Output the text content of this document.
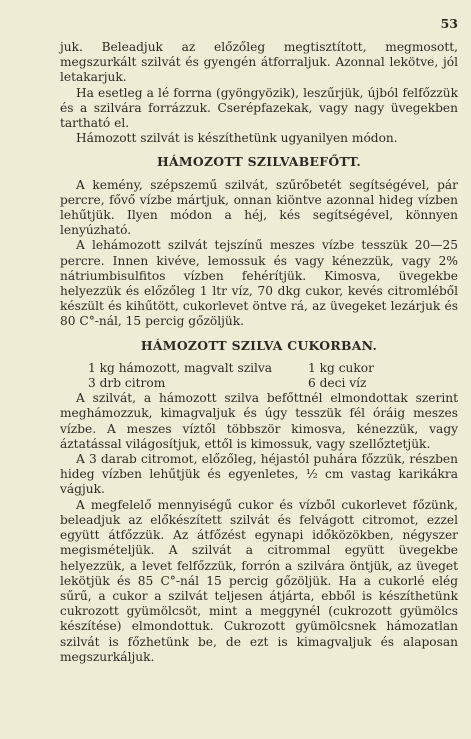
53

juk. Beleadjuk az előzőleg megtisztított, megmosott, megszurkált szilvát és gyengén átforraljuk. Azonnal lekötve, jól letakarjuk.

Ha esetleg a lé forrna (gyöngyözik), leszűrjük, újból felfőzzük és a szilvára forrázzuk. Cserépfazekak, vagy nagy üvegekben tartható el.

Hámozott szilvát is készíthetünk ugyanilyen módon.

HÁMOZOTT SZILVABEFŐTT.

A kemény, szépszemű szilvát, szűrőbetét segítségével, pár percre, fővő vízbe mártjuk, onnan kiöntve azonnal hideg vízben lehűtjük. Ilyen módon a héj, kés segítségével, könnyen lenyúzható.

A lehámozott szilvát tejszínű meszes vízbe tesszük 20—25 percre. Innen kivéve, lemossuk és vagy kénezzük, vagy 2% nátriumbisulfitos vízben fehérítjük. Kimosva, üvegekbe helyezzük és előzőleg 1 ltr víz, 70 dkg cukor, kevés citromléből készült és kihűtött, cukorlevet öntve rá, az üvegeket lezárjuk és 80 C°-nál, 15 percig gőzöljük.

HÁMOZOTT SZILVA CUKORBAN.
1 kg hámozott, magvalt szilva	1 kg cukor
3 drb citrom	6 deci víz

A szilvát, a hámozott szilva befőttnél elmondottak szerint meghámozzuk, kimagvaljuk és úgy tesszük fél óráig meszes vízbe. A meszes víztől többször kimosva, kénezzük, vagy áztatással világosítjuk, ettől is kimossuk, vagy szellőztetjük.

A 3 darab citromot, előzőleg, héjastól puhára főzzük, részben hideg vízben lehűtjük és egyenletes, ½ cm vastag karikákra vágjuk.

A megfelelő mennyiségű cukor és vízből cukorlevet főzünk, beleadjuk az előkészített szilvát és felvágott citromot, ezzel együtt átfőzzük. Az átfőzést egynapi időközökben, négyszer megismételjük. A szilvát a citrommal együtt üvegekbe helyezzük, a levet felfőzzük, forrón a szilvára öntjük, az üveget lekötjük és 85 C°-nál 15 percig gőzöljük. Ha a cukorlé elég sűrű, a cukor a szilvát teljesen átjárta, ebből is készíthetünk cukrozott gyümölcsöt, mint a meggynél (cukrozott gyümölcs készítése) elmondottuk. Cukrozott gyümölcsnek hámozatlan szilvát is főzhetünk be, de ezt is kimagvaljuk és alaposan megszurkáljuk.
